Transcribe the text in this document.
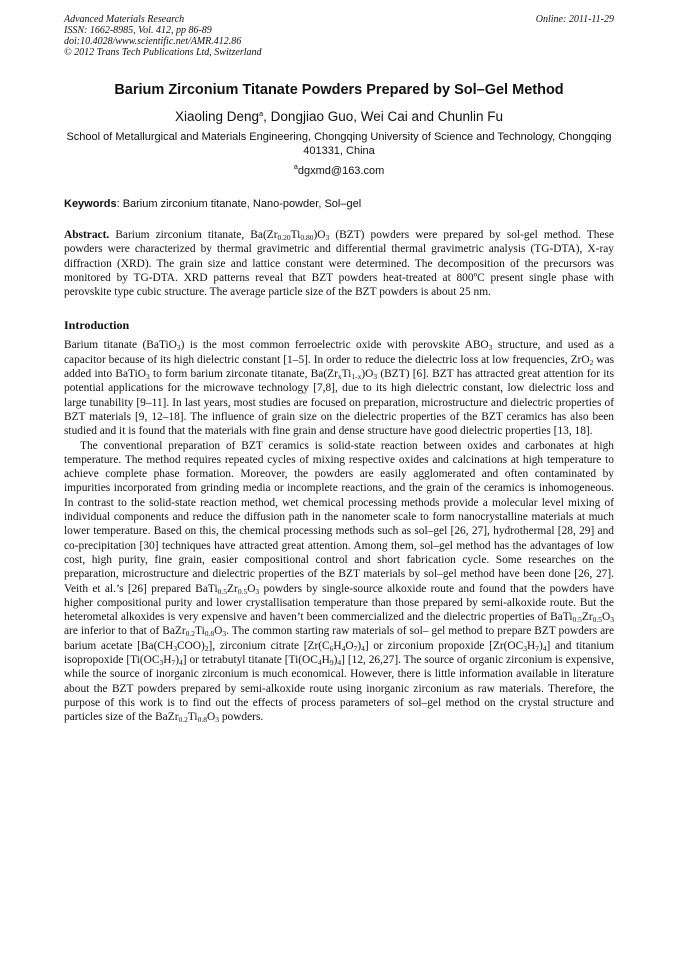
Advanced Materials Research
ISSN: 1662-8985, Vol. 412, pp 86-89
doi:10.4028/www.scientific.net/AMR.412.86
© 2012 Trans Tech Publications Ltd, Switzerland
Online: 2011-11-29
Barium Zirconium Titanate Powders Prepared by Sol–Gel Method
Xiaoling Deng$^a$, Dongjiao Guo, Wei Cai and Chunlin Fu
School of Metallurgical and Materials Engineering, Chongqing University of Science and Technology, Chongqing 401331, China
$^a$dgxmd@163.com
Keywords: Barium zirconium titanate, Nano-powder, Sol–gel
Abstract. Barium zirconium titanate, $Ba(Zr_{0.20}Ti_{0.80})O_3$ (BZT) powders were prepared by sol-gel method. These powders were characterized by thermal gravimetric and differential thermal gravimetric analysis (TG-DTA), X-ray diffraction (XRD). The grain size and lattice constant were determined. The decomposition of the precursors was monitored by TG-DTA. XRD patterns reveal that BZT powders heat-treated at 800ºC present single phase with perovskite type cubic structure. The average particle size of the BZT powders is about 25 nm.
Introduction
Barium titanate (BaTiO$_3$) is the most common ferroelectric oxide with perovskite $ABO_3$ structure, and used as a capacitor because of its high dielectric constant [1–5]. In order to reduce the dielectric loss at low frequencies, ZrO$_2$ was added into BaTiO$_3$ to form barium zirconate titanate, $Ba(Zr_xTi_{1-x})O_3$ (BZT) [6]. BZT has attracted great attention for its potential applications for the microwave technology [7,8], due to its high dielectric constant, low dielectric loss and large tunability [9–11]. In last years, most studies are focused on preparation, microstructure and dielectric properties of BZT materials [9, 12–18]. The influence of grain size on the dielectric properties of the BZT ceramics has also been studied and it is found that the materials with fine grain and dense structure have good dielectric properties [13, 18].
The conventional preparation of BZT ceramics is solid-state reaction between oxides and carbonates at high temperature. The method requires repeated cycles of mixing respective oxides and calcinations at high temperature to achieve complete phase formation. Moreover, the powders are easily agglomerated and often contaminated by impurities incorporated from grinding media or incomplete reactions, and the grain of the ceramics is inhomogeneous. In contrast to the solid-state reaction method, wet chemical processing methods provide a molecular level mixing of individual components and reduce the diffusion path in the nanometer scale to form nanocrystalline materials at much lower temperature. Based on this, the chemical processing methods such as sol–gel [26, 27], hydrothermal [28, 29] and co-precipitation [30] techniques have attracted great attention. Among them, sol–gel method has the advantages of low cost, high purity, fine grain, easier compositional control and short fabrication cycle. Some researches on the preparation, microstructure and dielectric properties of the BZT materials by sol–gel method have been done [26, 27]. Veith et al.’s [26] prepared $BaTi_{0.5}Zr_{0.5}O_3$ powders by single-source alkoxide route and found that the powders have higher compositional purity and lower crystallisation temperature than those prepared by semi-alkoxide route. But the heterometal alkoxides is very expensive and haven’t been commercialized and the dielectric properties of $BaTi_{0.5}Zr_{0.5}O_3$ are inferior to that of $BaZr_{0.2}Ti_{0.8}O_3$. The common starting raw materials of sol– gel method to prepare BZT powders are barium acetate $[Ba(CH_3COO)_2]$, zirconium citrate $[Zr(C_6H_4O_7)_4]$ or zirconium propoxide $[Zr(OC_3H_7)_4]$ and titanium isopropoxide $[Ti(OC_3H_7)_4]$ or tetrabutyl titanate $[Ti(OC_4H_9)_4]$ [12, 26,27]. The source of organic zirconium is expensive, while the source of inorganic zirconium is much economical. However, there is little information available in literature about the BZT powders prepared by semi-alkoxide route using inorganic zirconium as raw materials. Therefore, the purpose of this work is to find out the effects of process parameters of sol–gel method on the crystal structure and particles size of the $BaZr_{0.2}Ti_{0.8}O_3$ powders.
